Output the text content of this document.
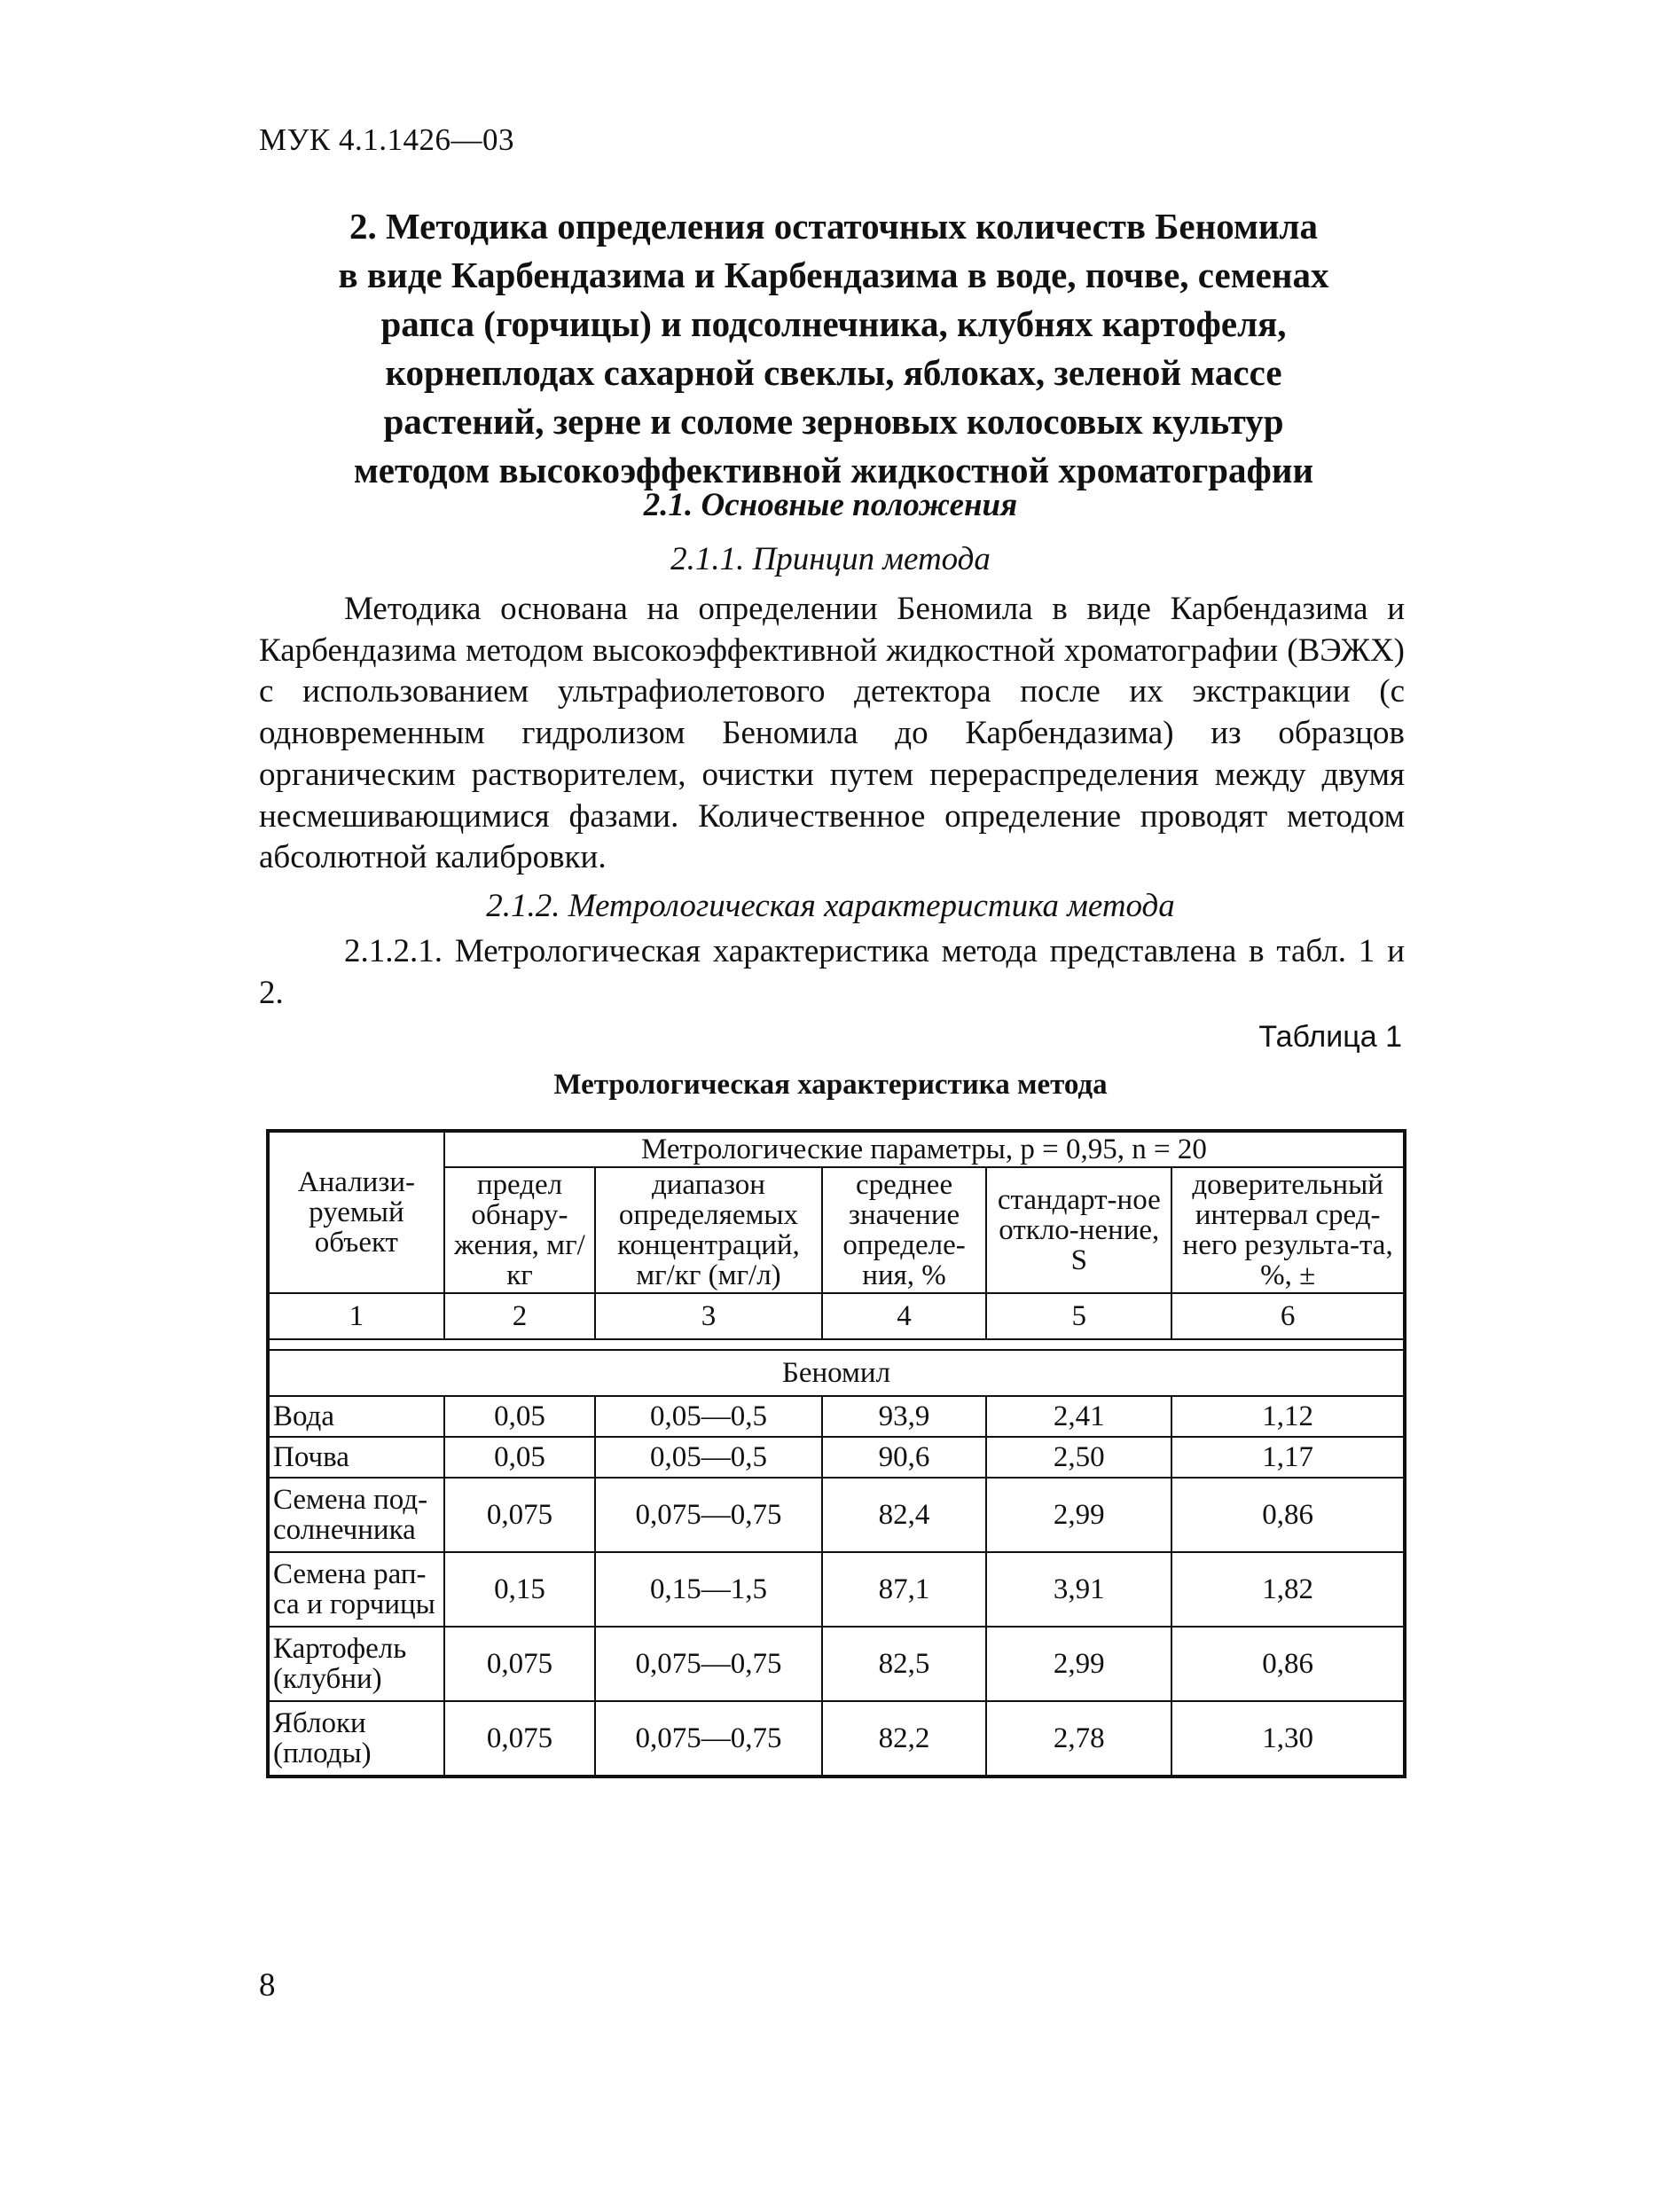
МУК 4.1.1426—03
2. Методика определения остаточных количеств Беномила
в виде Карбендазима и Карбендазима в воде, почве, семенах
рапса (горчицы) и подсолнечника, клубнях картофеля,
корнеплодах сахарной свеклы, яблоках, зеленой массе
растений, зерне и соломе зерновых колосовых культур
методом высокоэффективной жидкостной хроматографии
2.1. Основные положения
2.1.1. Принцип метода
Методика основана на определении Беномила в виде Карбендазима и Карбендазима методом высокоэффективной жидкостной хроматографии (ВЭЖХ) с использованием ультрафиолетового детектора после их экстракции (с одновременным гидролизом Беномила до Карбендазима) из образцов органическим растворителем, очистки путем перераспределения между двумя несмешивающимися фазами. Количественное определение проводят методом абсолютной калибровки.
2.1.2. Метрологическая характеристика метода
2.1.2.1. Метрологическая характеристика метода представлена в табл. 1 и 2.
Таблица 1
Метрологическая характеристика метода
Анализи-руемый объект	Метрологические параметры, p = 0,95, n = 20				
	предел обнару-жения, мг/кг	диапазон определяемых концентраций, мг/кг (мг/л)	среднее значение определе-ния, %	стандарт-ное откло-нение, S	доверительный интервал сред-него результа-та, %, ±
1	2	3	4	5	6

Беномил					
Вода	0,05	0,05—0,5	93,9	2,41	1,12
Почва	0,05	0,05—0,5	90,6	2,50	1,17
Семена под-солнечника	0,075	0,075—0,75	82,4	2,99	0,86
Семена рап-са и горчицы	0,15	0,15—1,5	87,1	3,91	1,82
Картофель (клубни)	0,075	0,075—0,75	82,5	2,99	0,86
Яблоки (плоды)	0,075	0,075—0,75	82,2	2,78	1,30
8
